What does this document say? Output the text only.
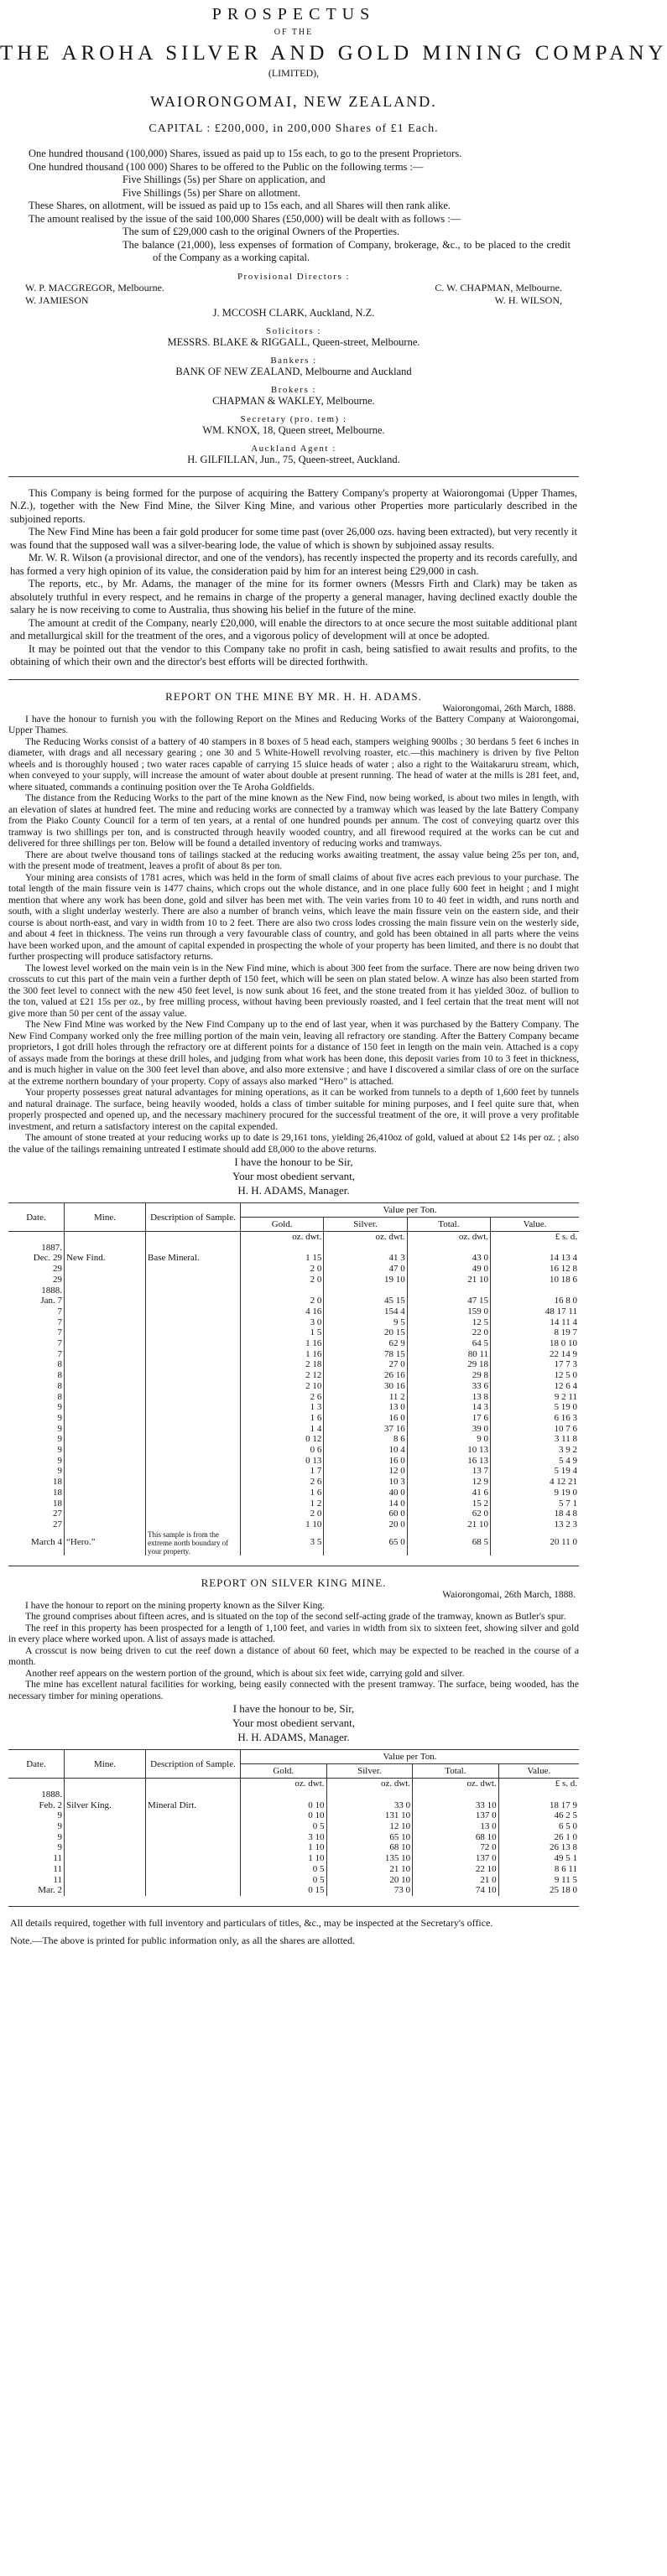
PROSPECTUS
OF THE
THE AROHA SILVER AND GOLD MINING COMPANY
(LIMITED),
WAIORONGOMAI, NEW ZEALAND.
CAPITAL : £200,000, in 200,000 Shares of £1 Each.
One hundred thousand (100,000) Shares, issued as paid up to 15s each, to go to the present Proprietors.
One hundred thousand (100 000) Shares to be offered to the Public on the following terms :—
Five Shillings (5s) per Share on application, and
Five Shillings (5s) per Share on allotment.
These Shares, on allotment, will be issued as paid up to 15s each, and all Shares will then rank alike.
The amount realised by the issue of the said 100,000 Shares (£50,000) will be dealt with as follows :—
The sum of £29,000 cash to the original Owners of the Properties.
The balance (21,000), less expenses of formation of Company, brokerage, &c., to be placed to the credit of the Company as a working capital.
Provisional Directors :
W. P. MACGREGOR, Melbourne.	C. W. CHAPMAN, Melbourne.
W. JAMIESON	W. H. WILSON,
J. MCCOSH CLARK, Auckland, N.Z.
Solicitors :
MESSRS. BLAKE & RIGGALL, Queen-street, Melbourne.
Bankers :
BANK OF NEW ZEALAND, Melbourne and Auckland
Brokers :
CHAPMAN & WAKLEY, Melbourne.
Secretary (pro. tem) :
WM. KNOX, 18, Queen street, Melbourne.
Auckland Agent :
H. GILFILLAN, Jun., 75, Queen-street, Auckland.
This Company is being formed for the purpose of acquiring the Battery Company's property at Waiorongomai (Upper Thames, N.Z.), together with the New Find Mine, the Silver King Mine, and various other Properties more particularly described in the subjoined reports.
The New Find Mine has been a fair gold producer for some time past (over 26,000 ozs. having been extracted), but very recently it was found that the supposed wall was a silver-bearing lode, the value of which is shown by subjoined assay results.
Mr. W. R. Wilson (a provisional director, and one of the vendors), has recently inspected the property and its records carefully, and has formed a very high opinion of its value, the consideration paid by him for an interest being £29,000 in cash.
The reports, etc., by Mr. Adams, the manager of the mine for its former owners (Messrs Firth and Clark) may be taken as absolutely truthful in every respect, and he remains in charge of the property a general manager, having declined exactly double the salary he is now receiving to come to Australia, thus showing his belief in the future of the mine.
The amount at credit of the Company, nearly £20,000, will enable the directors to at once secure the most suitable additional plant and metallurgical skill for the treatment of the ores, and a vigorous policy of development will at once be adopted.
It may be pointed out that the vendor to this Company take no profit in cash, being satisfied to await results and profits, to the obtaining of which their own and the director's best efforts will be directed forthwith.
REPORT ON THE MINE BY MR. H. H. ADAMS.
Waiorongomai, 26th March, 1888.
I have the honour to furnish you with the following Report on the Mines and Reducing Works of the Battery Company at Waiorongomai, Upper Thames.
The Reducing Works consist of a battery of 40 stampers in 8 boxes of 5 head each, stampers weighing 900lbs ; 30 berdans 5 feet 6 inches in diameter, with drags and all necessary gearing ; one 30 and 5 White-Howell revolving roaster, etc.—this machinery is driven by five Pelton wheels and is thoroughly housed ; two water races capable of carrying 15 sluice heads of water ; also a right to the Waitakaruru stream, which, when conveyed to your supply, will increase the amount of water about double at present running. The head of water at the mills is 281 feet, and, where situated, commands a continuing position over the Te Aroha Goldfields.
The distance from the Reducing Works to the part of the mine known as the New Find, now being worked, is about two miles in length, with an elevation of slates at hundred feet. The mine and reducing works are connected by a tramway which was leased by the late Battery Company from the Piako County Council for a term of ten years, at a rental of one hundred pounds per annum. The cost of conveying quartz over this tramway is two shillings per ton, and is constructed through heavily wooded country, and all firewood required at the works can be cut and delivered for three shillings per ton. Below will be found a detailed inventory of reducing works and tramways.
There are about twelve thousand tons of tailings stacked at the reducing works awaiting treatment, the assay value being 25s per ton, and, with the present mode of treatment, leaves a profit of about 8s per ton.
Your mining area consists of 1781 acres, which was held in the form of small claims of about five acres each previous to your purchase. The total length of the main fissure vein is 1477 chains, which crops out the whole distance, and in one place fully 600 feet in height ; and I might mention that where any work has been done, gold and silver has been met with. The vein varies from 10 to 40 feet in width, and runs north and south, with a slight underlay westerly. There are also a number of branch veins, which leave the main fissure vein on the eastern side, and their course is about north-east, and vary in width from 10 to 2 feet. There are also two cross lodes crossing the main fissure vein on the westerly side, and about 4 feet in thickness. The veins run through a very favourable class of country, and gold has been obtained in all parts where the veins have been worked upon, and the amount of capital expended in prospecting the whole of your property has been limited, and there is no doubt that further prospecting will produce satisfactory returns.
The lowest level worked on the main vein is in the New Find mine, which is about 300 feet from the surface. There are now being driven two crosscuts to cut this part of the main vein a further depth of 150 feet, which will be seen on plan stated below. A winze has also been started from the 300 feet level to connect with the new 450 feet level, is now sunk about 16 feet, and the stone treated from it has yielded 30oz. of bullion to the ton, valued at £21 15s per oz., by free milling process, without having been previously roasted, and I feel certain that the treat ment will not give more than 50 per cent of the assay value.
The New Find Mine was worked by the New Find Company up to the end of last year, when it was purchased by the Battery Company. The New Find Company worked only the free milling portion of the main vein, leaving all refractory ore standing. After the Battery Company became proprietors, I got drill holes through the refractory ore at different points for a distance of 150 feet in length on the main vein. Attached is a copy of assays made from the borings at these drill holes, and judging from what work has been done, this deposit varies from 10 to 3 feet in thickness, and is much higher in value on the 300 feet level than above, and also more extensive ; and have I discovered a similar class of ore on the surface at the extreme northern boundary of your property. Copy of assays also marked “Hero” is attached.
Your property possesses great natural advantages for mining operations, as it can be worked from tunnels to a depth of 1,600 feet by tunnels and natural drainage. The surface, being heavily wooded, holds a class of timber suitable for mining purposes, and I feel quite sure that, when properly prospected and opened up, and the necessary machinery procured for the successful treatment of the ore, it will prove a very profitable investment, and return a satisfactory interest on the capital expended.
The amount of stone treated at your reducing works up to date is 29,161 tons, yielding 26,410oz of gold, valued at about £2 14s per oz. ; also the value of the tailings remaining untreated I estimate should add £8,000 to the above returns.
I have the honour to be Sir,
Your most obedient servant,
H. H. ADAMS, Manager.
Date.	Mine.	Description of Sample.	Value per Ton.			
			Gold.	Silver.	Total.	Value.
			oz. dwt.	oz. dwt.	oz. dwt.	£ s. d.
1887.						
Dec. 29	New Find.	Base Mineral.	1 15	41 3	43 0	14 13 4
29			2 0	47 0	49 0	16 12 8
29			2 0	19 10	21 10	10 18 6
1888.						
Jan. 7			2 0	45 15	47 15	16 8 0
7			4 16	154 4	159 0	48 17 11
7			3 0	9 5	12 5	14 11 4
7			1 5	20 15	22 0	8 19 7
7			1 16	62 9	64 5	18 0 10
7			1 16	78 15	80 11	22 14 9
8			2 18	27 0	29 18	17 7 3
8			2 12	26 16	29 8	12 5 0
8			2 10	30 16	33 6	12 6 4
8			2 6	11 2	13 8	9 2 11
9			1 3	13 0	14 3	5 19 0
9			1 6	16 0	17 6	6 16 3
9			1 4	37 16	39 0	10 7 6
9			0 12	8 6	9 0	3 11 8
9			0 6	10 4	10 13	3 9 2
9			0 13	16 0	16 13	5 4 9
9			1 7	12 0	13 7	5 19 4
18			2 6	10 3	12 9	4 12 21
18			1 6	40 0	41 6	9 19 0
18			1 2	14 0	15 2	5 7 1
27			2 0	60 0	62 0	18 4 8
27			1 10	20 0	21 10	13 2 3
March 4	“Hero.”	This sample is from the extreme north boundary of your property.	3 5	65 0	68 5	20 11 0
REPORT ON SILVER KING MINE.
Waiorongomai, 26th March, 1888.
I have the honour to report on the mining property known as the Silver King.
The ground comprises about fifteen acres, and is situated on the top of the second self-acting grade of the tramway, known as Butler's spur.
The reef in this property has been prospected for a length of 1,100 feet, and varies in width from six to sixteen feet, showing silver and gold in every place where worked upon. A list of assays made is attached.
A crosscut is now being driven to cut the reef down a distance of about 60 feet, which may be expected to be reached in the course of a month.
Another reef appears on the western portion of the ground, which is about six feet wide, carrying gold and silver.
The mine has excellent natural facilities for working, being easily connected with the present tramway. The surface, being wooded, has the necessary timber for mining operations.
I have the honour to be, Sir,
Your most obedient servant,
H. H. ADAMS, Manager.
Date.	Mine.	Description of Sample.	Value per Ton.			
			Gold.	Silver.	Total.	Value.
			oz. dwt.	oz. dwt.	oz. dwt.	£ s. d.
1888.						
Feb. 2	Silver King.	Mineral Dirt.	0 10	33 0	33 10	18 17 9
9			0 10	131 10	137 0	46 2 5
9			0 5	12 10	13 0	6 5 0
9			3 10	65 10	68 10	26 1 0
9			1 10	68 10	72 0	26 13 8
11			1 10	135 10	137 0	49 5 1
11			0 5	21 10	22 10	8 6 11
11			0 5	20 10	21 0	9 11 5
Mar. 2			0 15	73 0	74 10	25 18 0
All details required, together with full inventory and particulars of titles, &c., may be inspected at the Secretary's office.
Note.—The above is printed for public information only, as all the shares are allotted.
